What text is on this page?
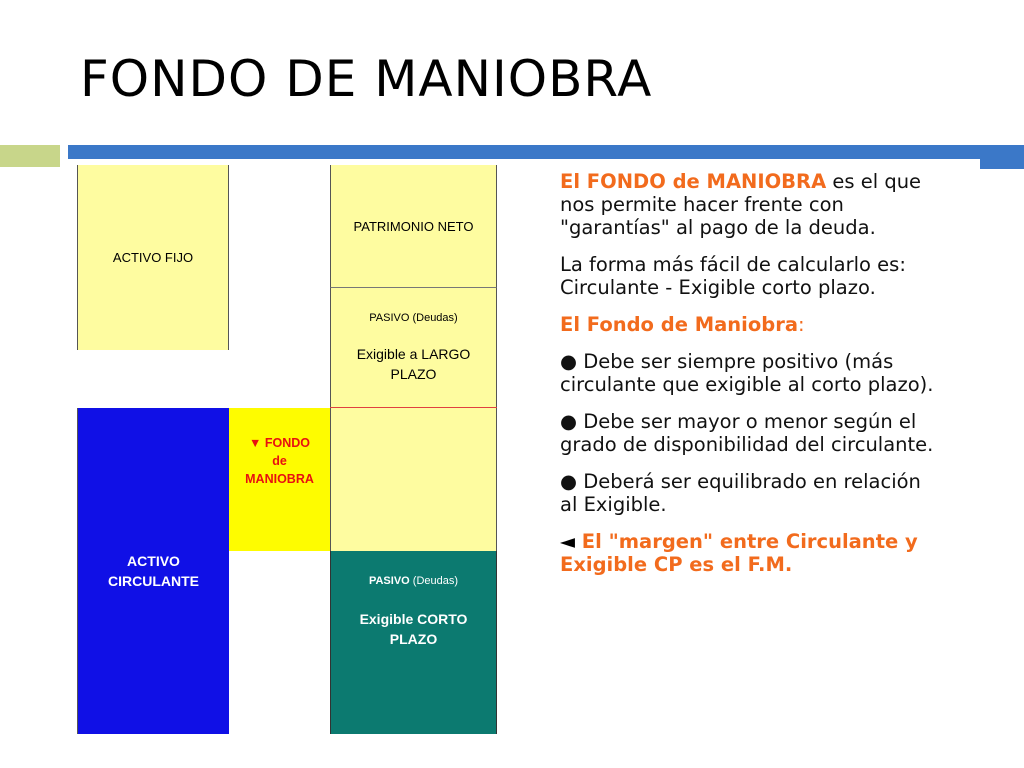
FONDO DE MANIOBRA
ACTIVO FIJO
ACTIVO
CIRCULANTE
▼ FONDO
de
MANIOBRA
PATRIMONIO NETO
PASIVO (Deudas)
Exigible a LARGO
PLAZO
PASIVO (Deudas)
Exigible CORTO
PLAZO

El FONDO de MANIOBRA es el que nos permite hacer frente con "garantías" al pago de la deuda.

La forma más fácil de calcularlo es:
Circulante - Exigible corto plazo.

El Fondo de Maniobra:

● Debe ser siempre positivo (más circulante que exigible al corto plazo).

● Debe ser mayor o menor según el grado de disponibilidad del circulante.

● Deberá ser equilibrado en relación al Exigible.

◄ El "margen" entre Circulante y Exigible CP es el F.M.
